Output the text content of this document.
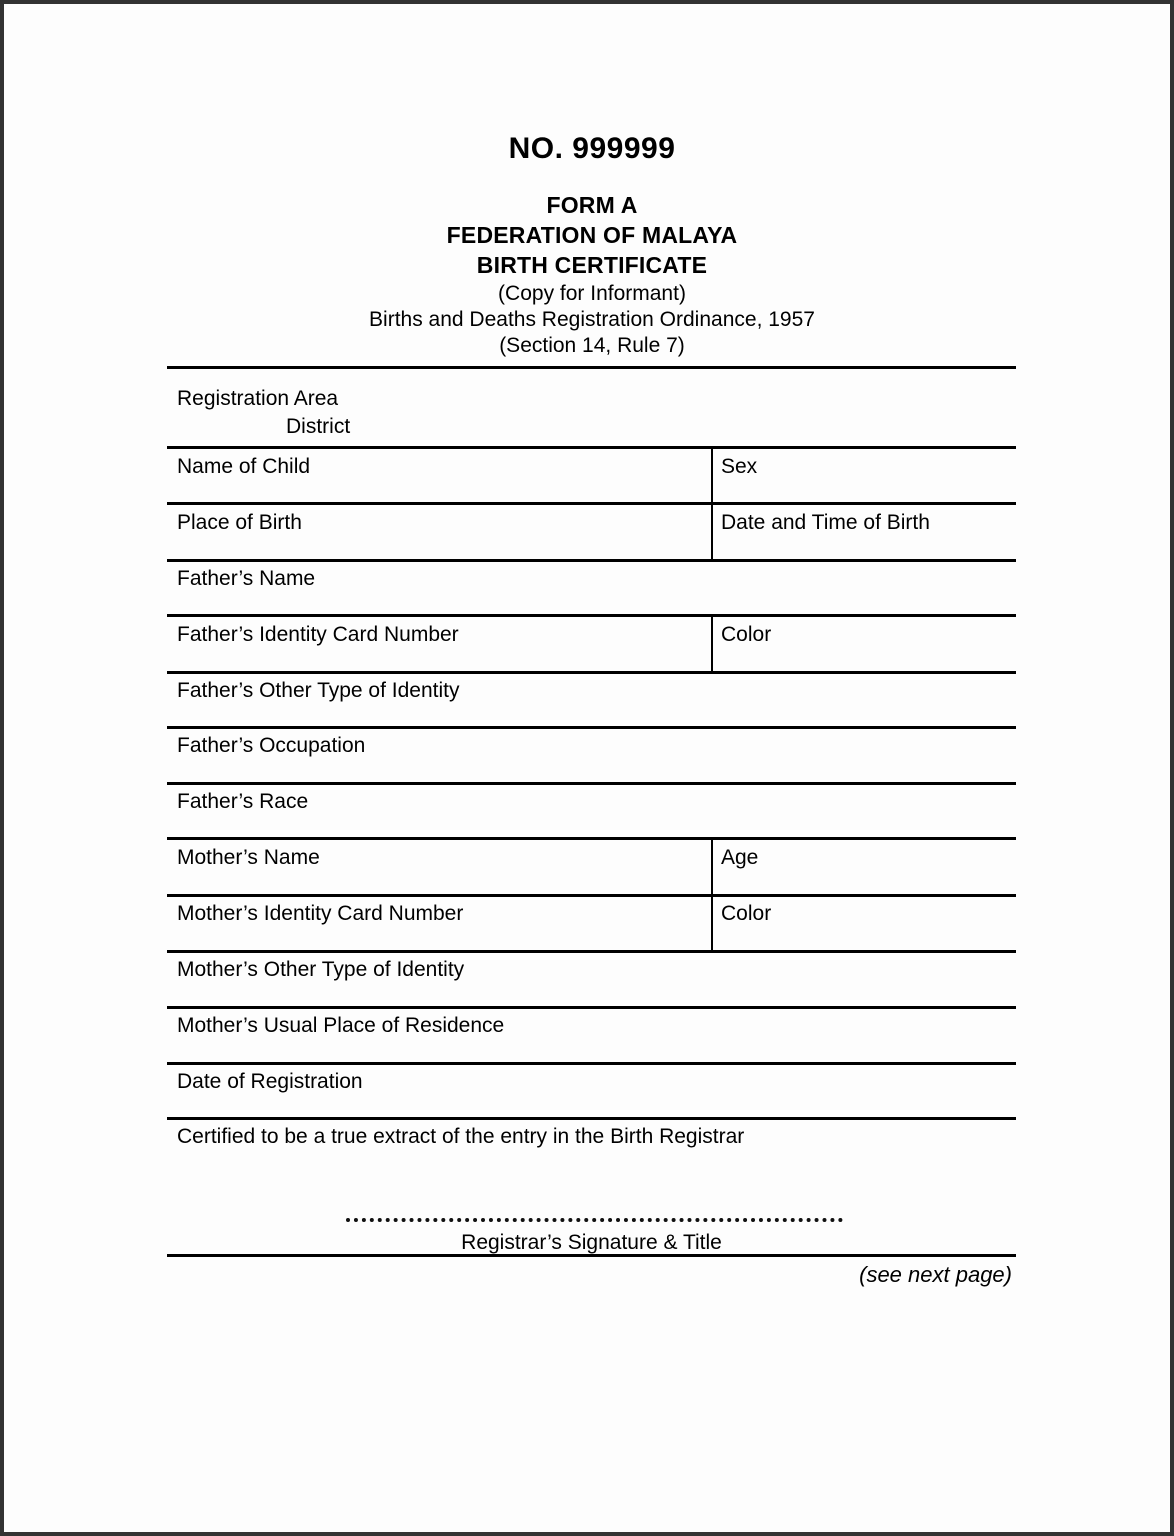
NO. 999999
FORM A
FEDERATION OF MALAYA
BIRTH CERTIFICATE
(Copy for Informant)
Births and Deaths Registration Ordinance, 1957
(Section 14, Rule 7)
Registration Area
District
Name of Child	Sex
Place of Birth	Date and Time of Birth
Father’s Name
Father’s Identity Card Number	Color
Father’s Other Type of Identity
Father’s Occupation
Father’s Race
Mother’s Name	Age
Mother’s Identity Card Number	Color
Mother’s Other Type of Identity
Mother’s Usual Place of Residence
Date of Registration
Certified to be a true extract of the entry in the Birth Registrar
Registrar’s Signature & Title
(see next page)
